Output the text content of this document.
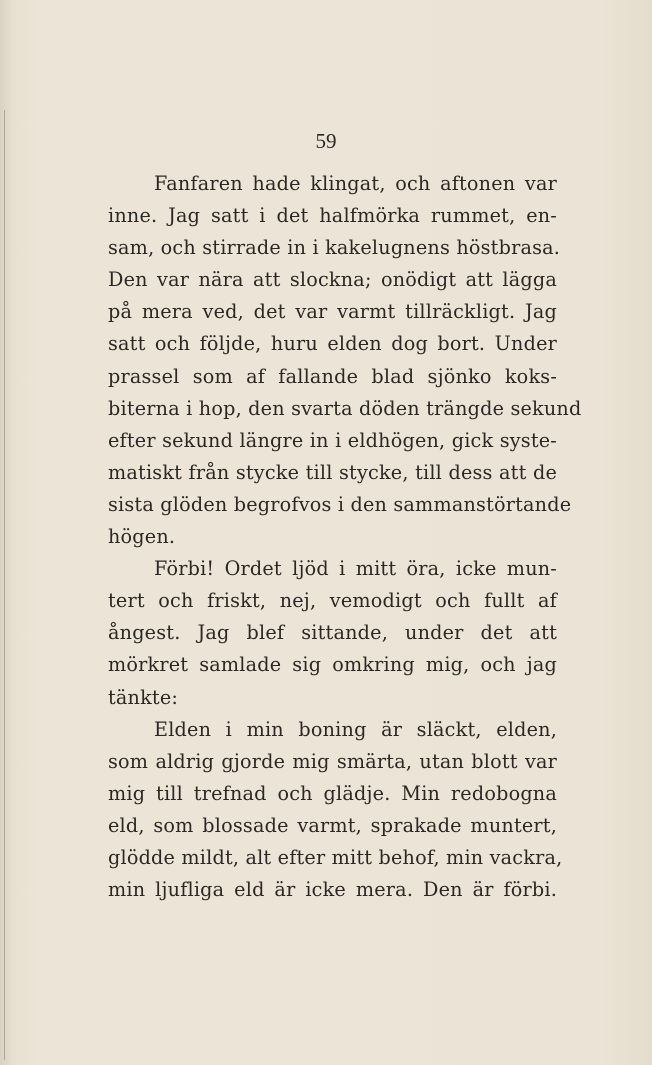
59
Fanfaren hade klingat, och aftonen var
inne. Jag satt i det halfmörka rummet, en-
sam, och stirrade in i kakelugnens höstbrasa.
Den var nära att slockna; onödigt att lägga
på mera ved, det var varmt tillräckligt. Jag
satt och följde, huru elden dog bort. Under
prassel som af fallande blad sjönko koks-
biterna i hop, den svarta döden trängde sekund
efter sekund längre in i eldhögen, gick syste-
matiskt från stycke till stycke, till dess att de
sista glöden begrofvos i den sammanstörtande
högen.
Förbi! Ordet ljöd i mitt öra, icke mun-
tert och friskt, nej, vemodigt och fullt af
ångest. Jag blef sittande, under det att
mörkret samlade sig omkring mig, och jag
tänkte:
Elden i min boning är släckt, elden,
som aldrig gjorde mig smärta, utan blott var
mig till trefnad och glädje. Min redobogna
eld, som blossade varmt, sprakade muntert,
glödde mildt, alt efter mitt behof, min vackra,
min ljufliga eld är icke mera. Den är förbi.
